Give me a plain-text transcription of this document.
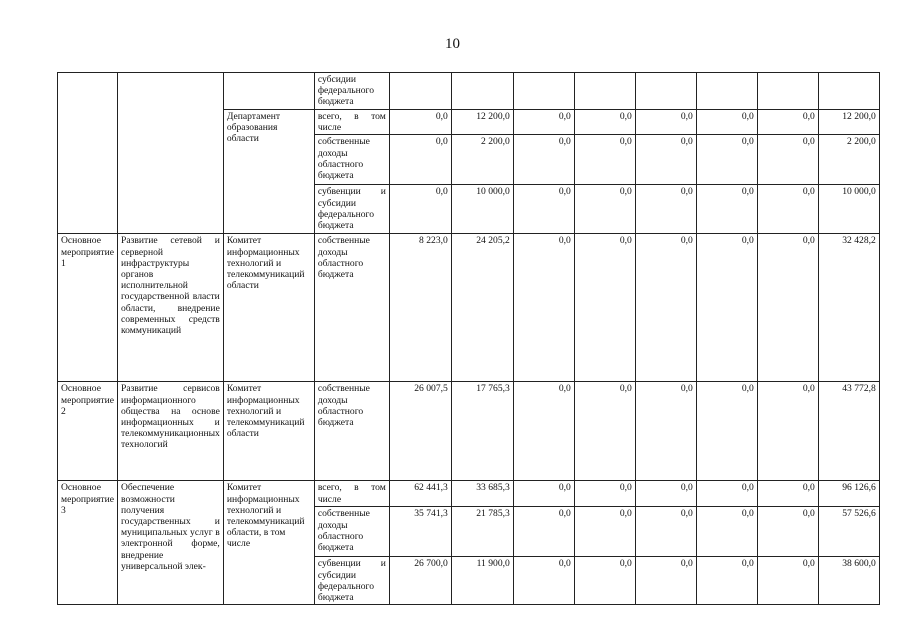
10
			субсидии федерального бюджета								
		Департамент образования области	всего, в том числе	0,0	12 200,0	0,0	0,0	0,0	0,0	0,0	12 200,0
			собственные доходы областного бюджета	0,0	2 200,0	0,0	0,0	0,0	0,0	0,0	2 200,0
			субвенции и субсидии федерального бюджета	0,0	10 000,0	0,0	0,0	0,0	0,0	0,0	10 000,0
Основное мероприятие 1	Развитие сетевой и серверной инфраструктуры органов исполнительной государственной власти области, внедрение современных средств коммуникаций	Комитет информационных технологий и телекоммуникаций области	собственные доходы областного бюджета	8 223,0	24 205,2	0,0	0,0	0,0	0,0	0,0	32 428,2
Основное мероприятие 2	Развитие сервисов информационного общества на основе информационных и телекоммуникационных технологий	Комитет информационных технологий и телекоммуникаций области	собственные доходы областного бюджета	26 007,5	17 765,3	0,0	0,0	0,0	0,0	0,0	43 772,8
Основное мероприятие 3	Обеспечение возможности получения государственных и муниципальных услуг в электронной форме, внедрение универсальной элек-	Комитет информационных технологий и телекоммуникаций области, в том числе	всего, в том числе	62 441,3	33 685,3	0,0	0,0	0,0	0,0	0,0	96 126,6
			собственные доходы областного бюджета	35 741,3	21 785,3	0,0	0,0	0,0	0,0	0,0	57 526,6
			субвенции и субсидии федерального бюджета	26 700,0	11 900,0	0,0	0,0	0,0	0,0	0,0	38 600,0
